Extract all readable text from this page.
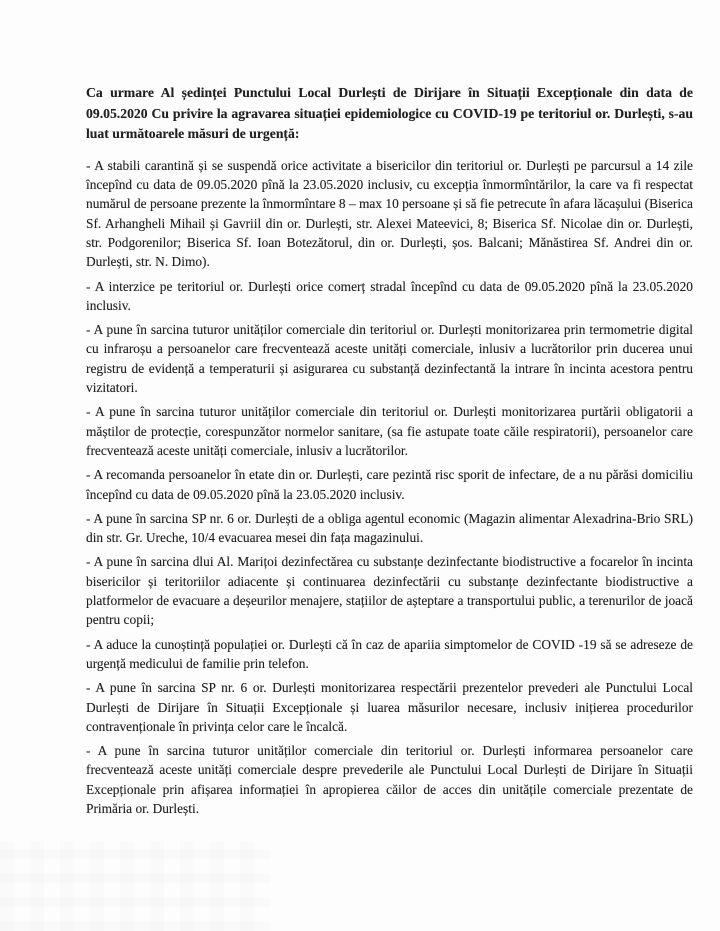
Ca urmare Al ședinței Punctului Local Durlești de Dirijare în Situații Excepționale din data de 09.05.2020 Cu privire la agravarea situației epidemiologice cu COVID-19 pe teritoriul or. Durlești, s-au luat următoarele măsuri de urgență:

- A stabili carantină și se suspendă orice activitate a bisericilor din teritoriul or. Durlești pe parcursul a 14 zile începînd cu data de 09.05.2020 pînă la 23.05.2020 inclusiv, cu excepția înmormîntărilor, la care va fi respectat numărul de persoane prezente la înmormîntare 8 – max 10 persoane și să fie petrecute în afara lăcașului (Biserica Sf. Arhangheli Mihail și Gavriil din or. Durlești, str. Alexei Mateevici, 8; Biserica Sf. Nicolae din or. Durlești, str. Podgorenilor; Biserica Sf. Ioan Botezătorul, din or. Durlești, șos. Balcani; Mănăstirea Sf. Andrei din or. Durlești, str. N. Dimo).

- A interzice pe teritoriul or. Durlești orice comerț stradal începînd cu data de 09.05.2020 pînă la 23.05.2020 inclusiv.

- A pune în sarcina tuturor unităților comerciale din teritoriul or. Durlești monitorizarea prin termometrie digital cu infraroșu a persoanelor care frecventează aceste unități comerciale, inlusiv a lucrătorilor prin ducerea unui registru de evidență a temperaturii și asigurarea cu substanță dezinfectantă la intrare în incinta acestora pentru vizitatori.

- A pune în sarcina tuturor unităților comerciale din teritoriul or. Durlești monitorizarea purtării obligatorii a măștilor de protecție, corespunzător normelor sanitare, (sa fie astupate toate căile respiratorii), persoanelor care frecventează aceste unități comerciale, inlusiv a lucrătorilor.

- A recomanda persoanelor în etate din or. Durlești, care pezintă risc sporit de infectare, de a nu părăsi domiciliu începînd cu data de 09.05.2020 pînă la 23.05.2020 inclusiv.

- A pune în sarcina SP nr. 6 or. Durlești de a obliga agentul economic (Magazin alimentar Alexadrina-Brio SRL) din str. Gr. Ureche, 10/4 evacuarea mesei din fața magazinului.

- A pune în sarcina dlui Al. Marițoi dezinfectărea cu substanțe dezinfectante biodistructive a focarelor în incinta bisericilor și teritoriilor adiacente și continuarea dezinfectării cu substanțe dezinfectante biodistructive a platformelor de evacuare a deșeurilor menajere, stațiilor de așteptare a transportului public, a terenurilor de joacă pentru copii;

- A aduce la cunoștință populației or. Durlești că în caz de apariia simptomelor de COVID -19 să se adreseze de urgență medicului de familie prin telefon.

- A pune în sarcina SP nr. 6 or. Durlești monitorizarea respectării prezentelor prevederi ale Punctului Local Durlești de Dirijare în Situații Excepționale și luarea măsurilor necesare, inclusiv inițierea procedurilor contravenționale în privința celor care le încalcă.

- A pune în sarcina tuturor unităților comerciale din teritoriul or. Durlești informarea persoanelor care frecventează aceste unități comerciale despre prevederile ale Punctului Local Durlești de Dirijare în Situații Excepționale prin afișarea informației în apropierea căilor de acces din unitățile comerciale prezentate de Primăria or. Durlești.
